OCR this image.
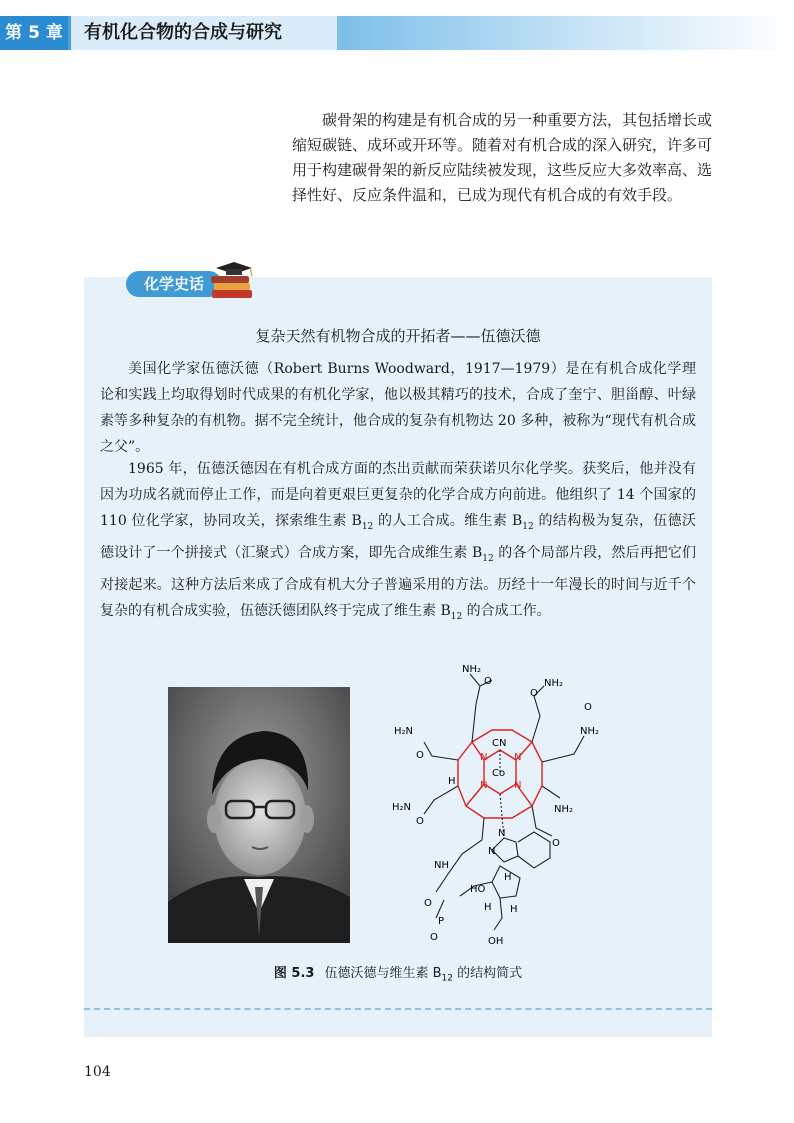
第 5 章	有机化合物的合成与研究

碳骨架的构建是有机合成的另一种重要方法，其包括增长或缩短碳链、成环或开环等。随着对有机合成的深入研究，许多可用于构建碳骨架的新反应陆续被发现，这些反应大多效率高、选择性好、反应条件温和，已成为现代有机合成的有效手段。

化学史话
复杂天然有机物合成的开拓者——伍德沃德

美国化学家伍德沃德（Robert Burns Woodward，1917—1979）是在有机合成化学理论和实践上均取得划时代成果的有机化学家，他以极其精巧的技术，合成了奎宁、胆甾醇、叶绿素等多种复杂的有机物。据不完全统计，他合成的复杂有机物达 20 多种，被称为“现代有机合成之父”。

1965 年，伍德沃德因在有机合成方面的杰出贡献而荣获诺贝尔化学奖。获奖后，他并没有因为功成名就而停止工作，而是向着更艰巨更复杂的化学合成方向前进。他组织了 14 个国家的 110 位化学家，协同攻关，探索维生素 $B_{12}$ 的人工合成。维生素 $B_{12}$ 的结构极为复杂，伍德沃德设计了一个拼接式（汇聚式）合成方案，即先合成维生素 $B_{12}$ 的各个局部片段，然后再把它们对接起来。这种方法后来成了合成有机大分子普遍采用的方法。历经十一年漫长的时间与近千个复杂的有机合成实验，伍德沃德团队终于完成了维生素 $B_{12}$ 的合成工作。

NH₂
NH₂
NH₂
H₂N
H₂N	NH₂
CN
Co
N	N
N	N
H
NH
N
N
HO
H
H H
O
O
O
O
O
O
O
O
P
OH
图 5.3 伍德沃德与维生素 $B_{12}$ 的结构简式
104
